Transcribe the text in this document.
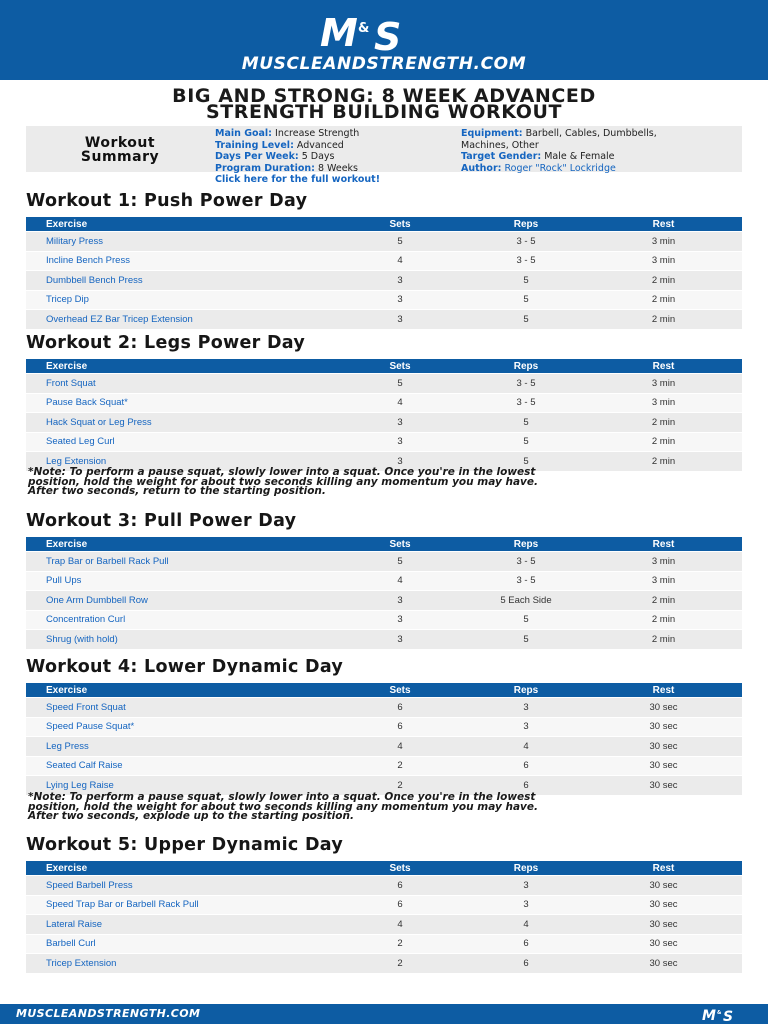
M & S
MUSCLEANDSTRENGTH.COM
BIG AND STRONG: 8 WEEK ADVANCED
STRENGTH BUILDING WORKOUT
Workout
Summary
Main Goal: Increase Strength
Training Level: Advanced
Days Per Week: 5 Days
Program Duration: 8 Weeks
Click here for the full workout!
Equipment: Barbell, Cables, Dumbbells,
Machines, Other
Target Gender: Male & Female
Author: Roger "Rock" Lockridge
Workout 1: Push Power Day
Exercise	Sets	Reps	Rest
Military Press	5	3 - 5	3 min
Incline Bench Press	4	3 - 5	3 min
Dumbbell Bench Press	3	5	2 min
Tricep Dip	3	5	2 min
Overhead EZ Bar Tricep Extension	3	5	2 min
Workout 2: Legs Power Day
Exercise	Sets	Reps	Rest
Front Squat	5	3 - 5	3 min
Pause Back Squat*	4	3 - 5	3 min
Hack Squat or Leg Press	3	5	2 min
Seated Leg Curl	3	5	2 min
Leg Extension	3	5	2 min
*Note: To perform a pause squat, slowly lower into a squat. Once you're in the lowest
position, hold the weight for about two seconds killing any momentum you may have.
After two seconds, return to the starting position.
Workout 3: Pull Power Day
Exercise	Sets	Reps	Rest
Trap Bar or Barbell Rack Pull	5	3 - 5	3 min
Pull Ups	4	3 - 5	3 min
One Arm Dumbbell Row	3	5 Each Side	2 min
Concentration Curl	3	5	2 min
Shrug (with hold)	3	5	2 min
Workout 4: Lower Dynamic Day
Exercise	Sets	Reps	Rest
Speed Front Squat	6	3	30 sec
Speed Pause Squat*	6	3	30 sec
Leg Press	4	4	30 sec
Seated Calf Raise	2	6	30 sec
Lying Leg Raise	2	6	30 sec
*Note: To perform a pause squat, slowly lower into a squat. Once you're in the lowest
position, hold the weight for about two seconds killing any momentum you may have.
After two seconds, explode up to the starting position.
Workout 5: Upper Dynamic Day
Exercise	Sets	Reps	Rest
Speed Barbell Press	6	3	30 sec
Speed Trap Bar or Barbell Rack Pull	6	3	30 sec
Lateral Raise	4	4	30 sec
Barbell Curl	2	6	30 sec
Tricep Extension	2	6	30 sec
MUSCLEANDSTRENGTH.COM	M & S
